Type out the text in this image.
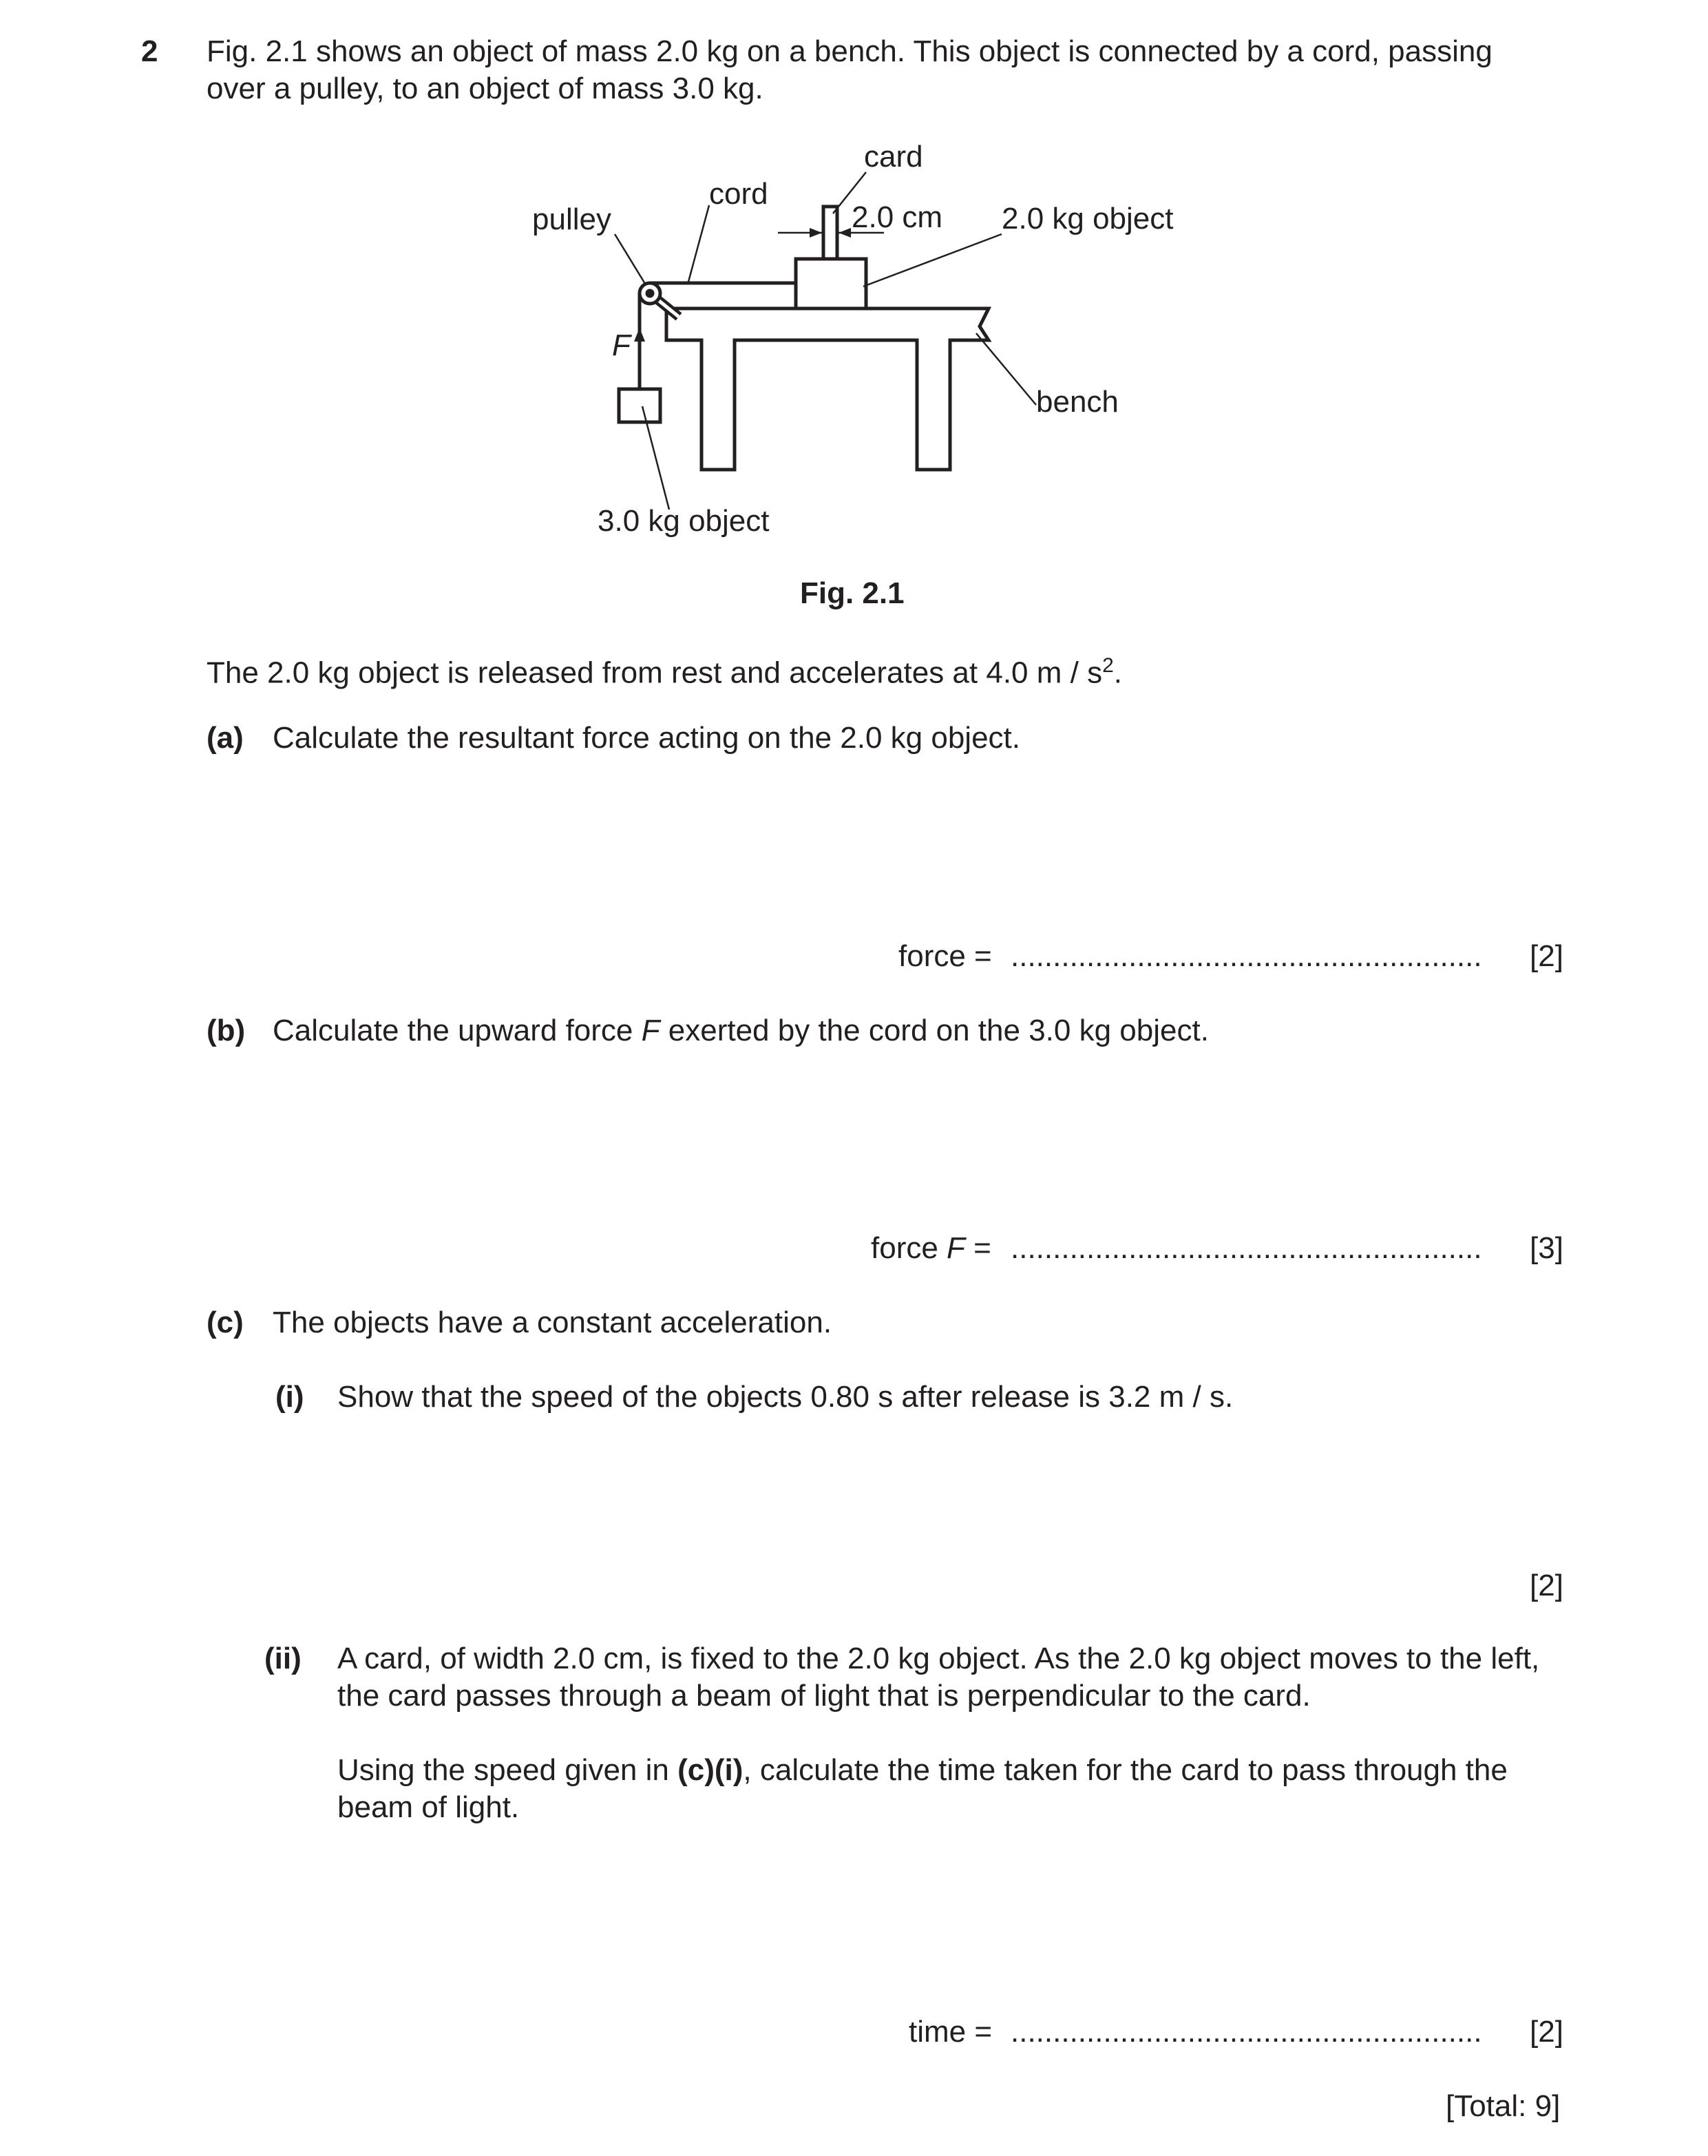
2 Fig. 2.1 shows an object of mass 2.0 kg on a bench. This object is connected by a cord, passing
over a pulley, to an object of mass 3.0 kg.
card
cord
pulley	2.0 cm 2.0 kg object
F
bench
3.0 kg object
Fig. 2.1
The 2.0 kg object is released from rest and accelerates at 4.0 m / $s^2$.
(a) Calculate the resultant force acting on the 2.0 kg object.
force = ........................................................ [2]
(b) Calculate the upward force F exerted by the cord on the 3.0 kg object.
force F = ........................................................ [3]
(c) The objects have a constant acceleration.
(i) Show that the speed of the objects 0.80 s after release is 3.2 m / s.
[2]
(ii) A card, of width 2.0 cm, is fixed to the 2.0 kg object. As the 2.0 kg object moves to the left,
the card passes through a beam of light that is perpendicular to the card.
Using the speed given in (c)(i), calculate the time taken for the card to pass through the
beam of light.
time = ........................................................ [2]
[Total: 9]
